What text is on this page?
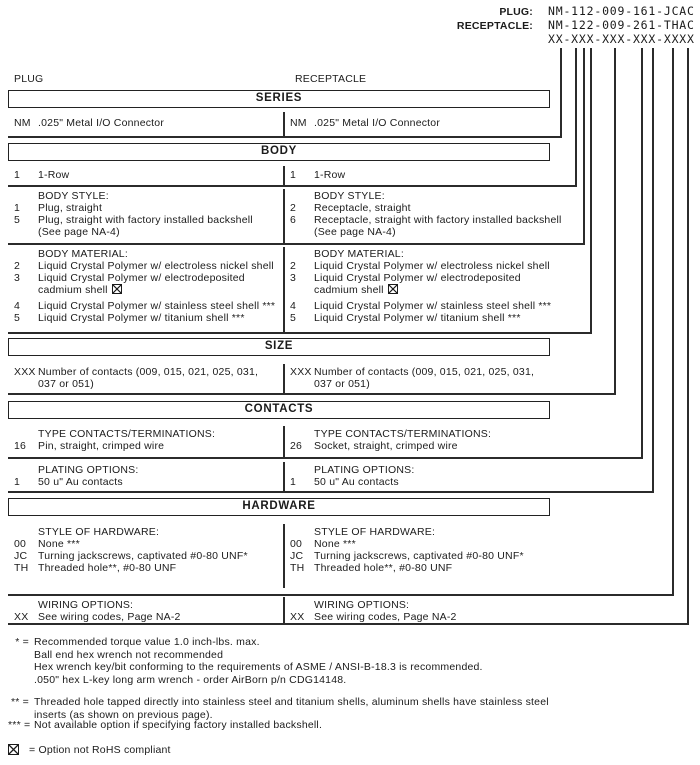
PLUG: NM-112-009-161-JCAC
RECEPTACLE: NM-122-009-261-THAC
XX-XXX-XXX-XXX-XXXX
PLUG	RECEPTACLE
SERIES
BODY
SIZE
CONTACTS
HARDWARE
NM .025" Metal I/O Connector	NM .025" Metal I/O Connector
1	1-Row	1	1-Row
BODY STYLE:
1	Plug, straight
5	Plug, straight with factory installed backshell
(See page NA-4)
BODY STYLE:
2	Receptacle, straight
6	Receptacle, straight with factory installed backshell
(See page NA-4)
BODY MATERIAL:
2	Liquid Crystal Polymer w/ electroless nickel shell
3	Liquid Crystal Polymer w/ electrodeposited
cadmium shell
4	Liquid Crystal Polymer w/ stainless steel shell ***
5	Liquid Crystal Polymer w/ titanium shell ***
BODY MATERIAL:
2	Liquid Crystal Polymer w/ electroless nickel shell
3	Liquid Crystal Polymer w/ electrodeposited
cadmium shell
4	Liquid Crystal Polymer w/ stainless steel shell ***
5	Liquid Crystal Polymer w/ titanium shell ***
XXX Number of contacts (009, 015, 021, 025, 031,
037 or 051)
XXX Number of contacts (009, 015, 021, 025, 031,
037 or 051)
TYPE CONTACTS/TERMINATIONS:
16	Pin, straight, crimped wire
TYPE CONTACTS/TERMINATIONS:
26	Socket, straight, crimped wire
PLATING OPTIONS:
1	50 u" Au contacts
PLATING OPTIONS:
1	50 u" Au contacts
STYLE OF HARDWARE:
00	None ***
JC	Turning jackscrews, captivated #0-80 UNF*
TH Threaded hole**, #0-80 UNF
STYLE OF HARDWARE:
00	None ***
JC	Turning jackscrews, captivated #0-80 UNF*
TH Threaded hole**, #0-80 UNF
WIRING OPTIONS:
XX See wiring codes, Page NA-2
WIRING OPTIONS:
XX See wiring codes, Page NA-2
* = Recommended torque value 1.0 inch-lbs. max.
Ball end hex wrench not recommended
Hex wrench key/bit conforming to the requirements of ASME / ANSI-B-18.3 is recommended.
.050" hex L-key long arm wrench - order AirBorn p/n CDG14148.
** = Threaded hole tapped directly into stainless steel and titanium shells, aluminum shells have stainless steel
inserts (as shown on previous page).
*** = Not available option if specifying factory installed backshell.
= Option not RoHS compliant
